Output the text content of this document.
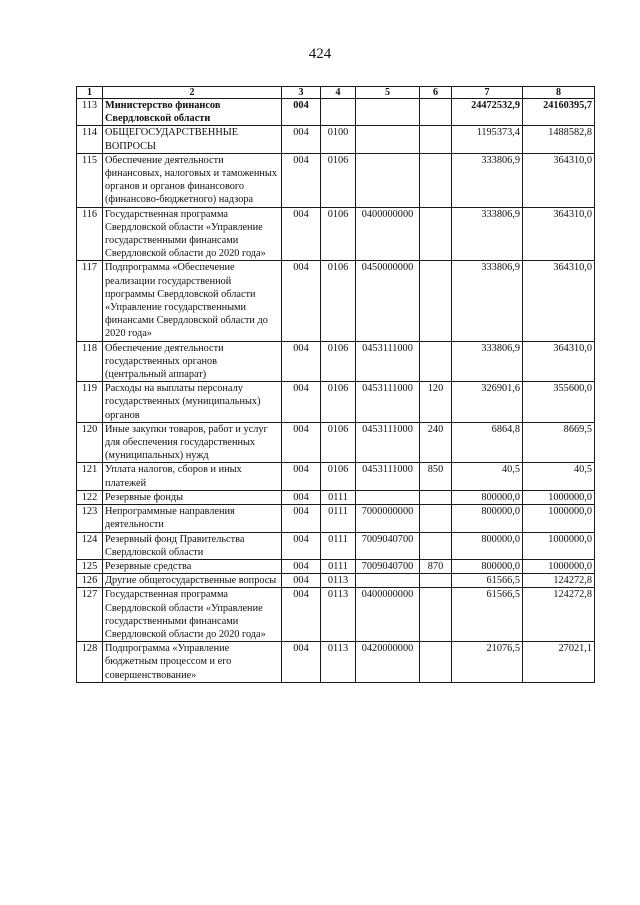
424
1	2	3	4	5	6	7	8
113	Министерство финансов Свердловской области	004				24472532,9	24160395,7
114	ОБЩЕГОСУДАРСТВЕННЫЕ ВОПРОСЫ	004	0100			1195373,4	1488582,8
115	Обеспечение деятельности финансовых, налоговых и таможенных органов и органов финансового (финансово-бюджетного) надзора	004	0106			333806,9	364310,0
116	Государственная программа Свердловской области «Управление государственными финансами Свердловской области до 2020 года»	004	0106	0400000000		333806,9	364310,0
117	Подпрограмма «Обеспечение реализации государственной программы Свердловской области «Управление государственными финансами Свердловской области до 2020 года»	004	0106	0450000000		333806,9	364310,0
118	Обеспечение деятельности государственных органов (центральный аппарат)	004	0106	0453111000		333806,9	364310,0
119	Расходы на выплаты персоналу государственных (муниципальных) органов	004	0106	0453111000	120	326901,6	355600,0
120	Иные закупки товаров, работ и услуг для обеспечения государственных (муниципальных) нужд	004	0106	0453111000	240	6864,8	8669,5
121	Уплата налогов, сборов и иных платежей	004	0106	0453111000	850	40,5	40,5
122	Резервные фонды	004	0111			800000,0	1000000,0
123	Непрограммные направления деятельности	004	0111	7000000000		800000,0	1000000,0
124	Резервный фонд Правительства Свердловской области	004	0111	7009040700		800000,0	1000000,0
125	Резервные средства	004	0111	7009040700	870	800000,0	1000000,0
126	Другие общегосударственные вопросы	004	0113			61566,5	124272,8
127	Государственная программа Свердловской области «Управление государственными финансами Свердловской области до 2020 года»	004	0113	0400000000		61566,5	124272,8
128	Подпрограмма «Управление бюджетным процессом и его совершенствование»	004	0113	0420000000		21076,5	27021,1
